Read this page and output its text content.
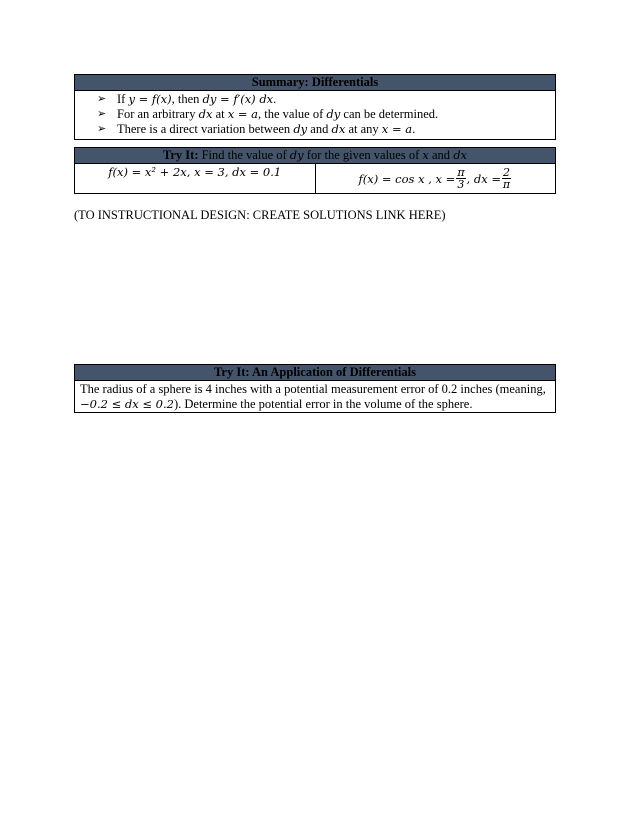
Summary: Differentials
➢ If y = f(x), then dy = f′(x) dx.
➢ For an arbitrary dx at x = a, the value of dy can be determined.
➢ There is a direct variation between dy and dx at any x = a.
Try It: Find the value of dy for the given values of x and dx
f(x) = x² + 2x, x = 3, dx = 0.1	f(x) = cos x , $x = \frac{\pi}{3}$ , dx = $\frac{2}{\pi}$
(TO INSTRUCTIONAL DESIGN: CREATE SOLUTIONS LINK HERE)
Try It: An Application of Differentials
The radius of a sphere is 4 inches with a potential measurement error of 0.2 inches (meaning,
−0.2 ≤ dx ≤ 0.2). Determine the potential error in the volume of the sphere.
